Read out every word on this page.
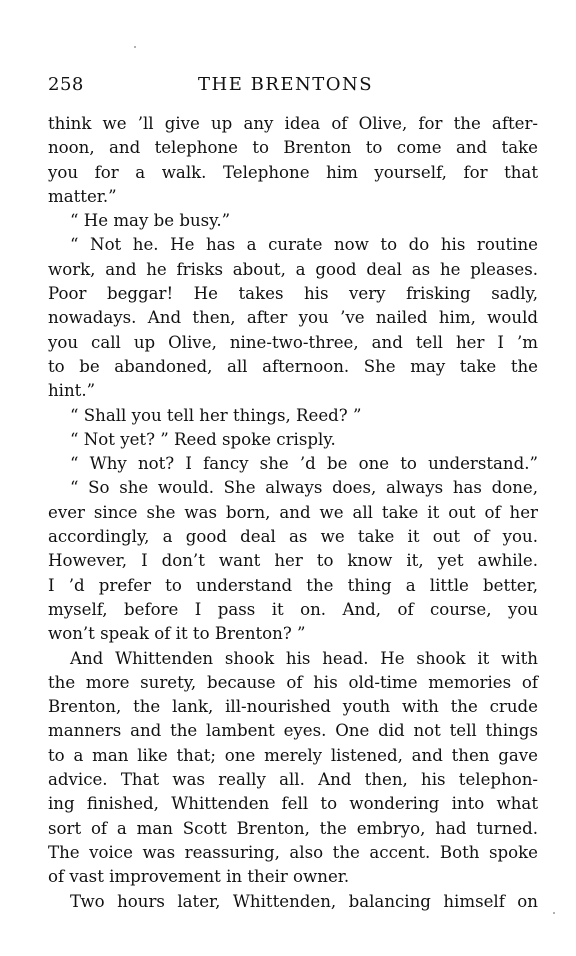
258	THE BRENTONS
think we ’ll give up any idea of Olive, for the after-
noon, and telephone to Brenton to come and take
you for a walk. Telephone him yourself, for that
matter.”
“ He may be busy.”
“ Not he. He has a curate now to do his routine
work, and he frisks about, a good deal as he pleases.
Poor beggar! He takes his very frisking sadly,
nowadays. And then, after you ’ve nailed him, would
you call up Olive, nine-two-three, and tell her I ’m
to be abandoned, all afternoon. She may take the
hint.”
“ Shall you tell her things, Reed? ”
“ Not yet? ” Reed spoke crisply.
“ Why not? I fancy she ’d be one to understand.”
“ So she would. She always does, always has done,
ever since she was born, and we all take it out of her
accordingly, a good deal as we take it out of you.
However, I don’t want her to know it, yet awhile.
I ’d prefer to understand the thing a little better,
myself, before I pass it on. And, of course, you
won’t speak of it to Brenton? ”
And Whittenden shook his head. He shook it with
the more surety, because of his old-time memories of
Brenton, the lank, ill-nourished youth with the crude
manners and the lambent eyes. One did not tell things
to a man like that; one merely listened, and then gave
advice. That was really all. And then, his telephon-
ing finished, Whittenden fell to wondering into what
sort of a man Scott Brenton, the embryo, had turned.
The voice was reassuring, also the accent. Both spoke
of vast improvement in their owner.
Two hours later, Whittenden, balancing himself on
